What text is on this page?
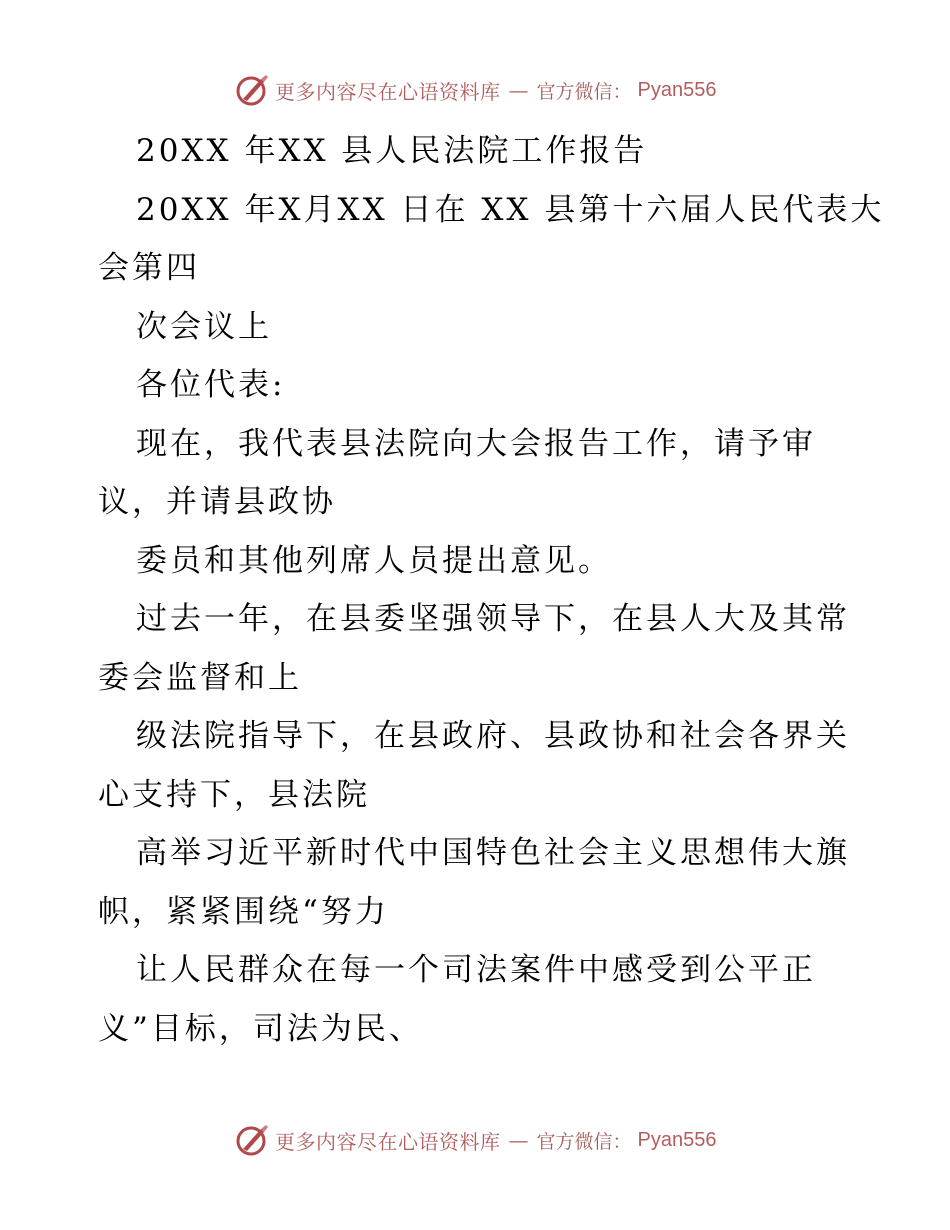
更多内容尽在心语资料库 — 官方微信： Pyan556
20XX 年XX 县人民法院工作报告
20XX 年X月XX 日在 XX 县第十六届人民代表大
会第四
次会议上
各位代表:
现在，我代表县法院向大会报告工作，请予审
议，并请县政协
委员和其他列席人员提出意见。
过去一年，在县委坚强领导下，在县人大及其常
委会监督和上
级法院指导下，在县政府、县政协和社会各界关
心支持下，县法院
高举习近平新时代中国特色社会主义思想伟大旗
帜，紧紧围绕“努力
让人民群众在每一个司法案件中感受到公平正
义”目标，司法为民、
更多内容尽在心语资料库 — 官方微信： Pyan556
